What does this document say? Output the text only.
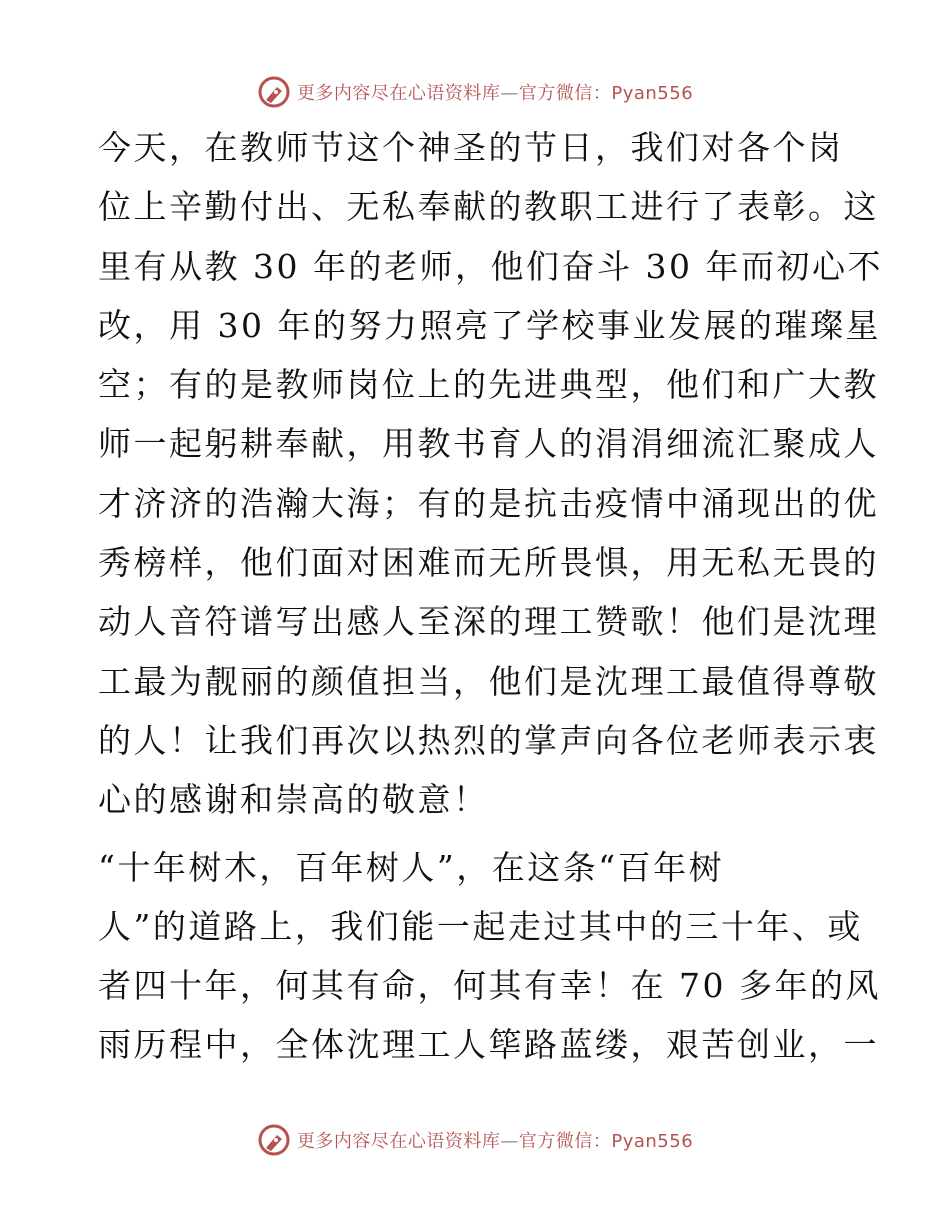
更多内容尽在心语资料库—官方微信：Pyan556
今天，在教师节这个神圣的节日，我们对各个岗
位上辛勤付出、无私奉献的教职工进行了表彰。这
里有从教 30 年的老师，他们奋斗 30 年而初心不
改，用 30 年的努力照亮了学校事业发展的璀璨星
空；有的是教师岗位上的先进典型，他们和广大教
师一起躬耕奉献，用教书育人的涓涓细流汇聚成人
才济济的浩瀚大海；有的是抗击疫情中涌现出的优
秀榜样，他们面对困难而无所畏惧，用无私无畏的
动人音符谱写出感人至深的理工赞歌！他们是沈理
工最为靓丽的颜值担当，他们是沈理工最值得尊敬
的人！让我们再次以热烈的掌声向各位老师表示衷
心的感谢和崇高的敬意！
“十年树木，百年树人”，在这条“百年树
人”的道路上，我们能一起走过其中的三十年、或
者四十年，何其有命，何其有幸！在 70 多年的风
雨历程中，全体沈理工人筚路蓝缕，艰苦创业，一
更多内容尽在心语资料库—官方微信：Pyan556
